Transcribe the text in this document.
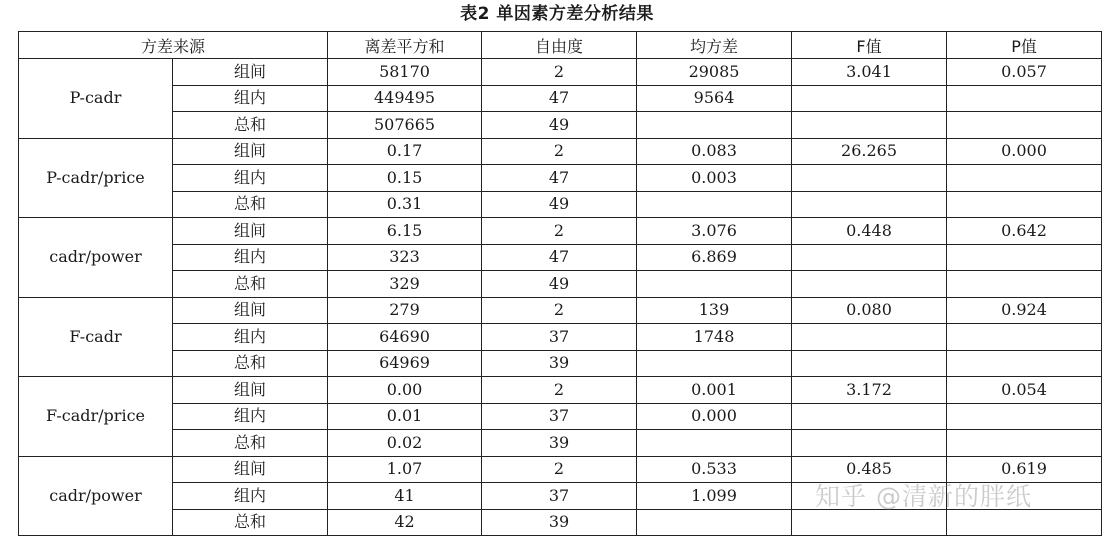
表2 单因素方差分析结果
方差来源		离差平方和	自由度	均方差	F值	P值
P-cadr	组间	58170	2	29085	3.041	0.057
	组内	449495	47	9564		
	总和	507665	49			
P-cadr/price	组间	0.17	2	0.083	26.265	0.000
	组内	0.15	47	0.003		
	总和	0.31	49			
cadr/power	组间	6.15	2	3.076	0.448	0.642
	组内	323	47	6.869		
	总和	329	49			
F-cadr	组间	279	2	139	0.080	0.924
	组内	64690	37	1748		
	总和	64969	39			
F-cadr/price	组间	0.00	2	0.001	3.172	0.054
	组内	0.01	37	0.000		
	总和	0.02	39			
cadr/power	组间	1.07	2	0.533	0.485	0.619
	组内	41	37	1.099		
	总和	42	39			
知乎 @清新的胖纸
